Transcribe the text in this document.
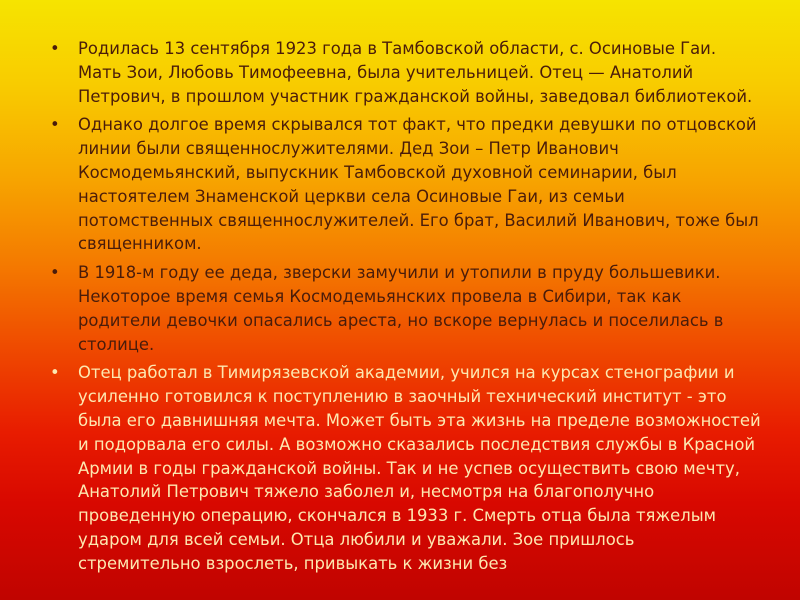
• Родилась 13 сентября 1923 года в Тамбовской области, с. Осиновые Гаи. Мать Зои, Любовь Тимофеевна, была учительницей. Отец — Анатолий Петрович, в прошлом участник гражданской войны, заведовал библиотекой.
• Однако долгое время скрывался тот факт, что предки девушки по отцовской линии были священнослужителями. Дед Зои – Петр Иванович Космодемьянский, выпускник Тамбовской духовной семинарии, был настоятелем Знаменской церкви села Осиновые Гаи, из семьи потомственных священнослужителей. Его брат, Василий Иванович, тоже был священником.
• В 1918-м году ее деда, зверски замучили и утопили в пруду большевики. Некоторое время семья Космодемьянских провела в Сибири, так как родители девочки опасались ареста, но вскоре вернулась и поселилась в столице.
• Отец работал в Тимирязевской академии, учился на курсах стенографии и усиленно готовился к поступлению в заочный технический институт - это была его давнишняя мечта. Может быть эта жизнь на пределе возможностей и подорвала его силы. А возможно сказались последствия службы в Красной Армии в годы гражданской войны. Так и не успев осуществить свою мечту, Анатолий Петрович тяжело заболел и, несмотря на благополучно проведенную операцию, скончался в 1933 г. Смерть отца была тяжелым ударом для всей семьи. Отца любили и уважали. Зое пришлось стремительно взрослеть, привыкать к жизни без
